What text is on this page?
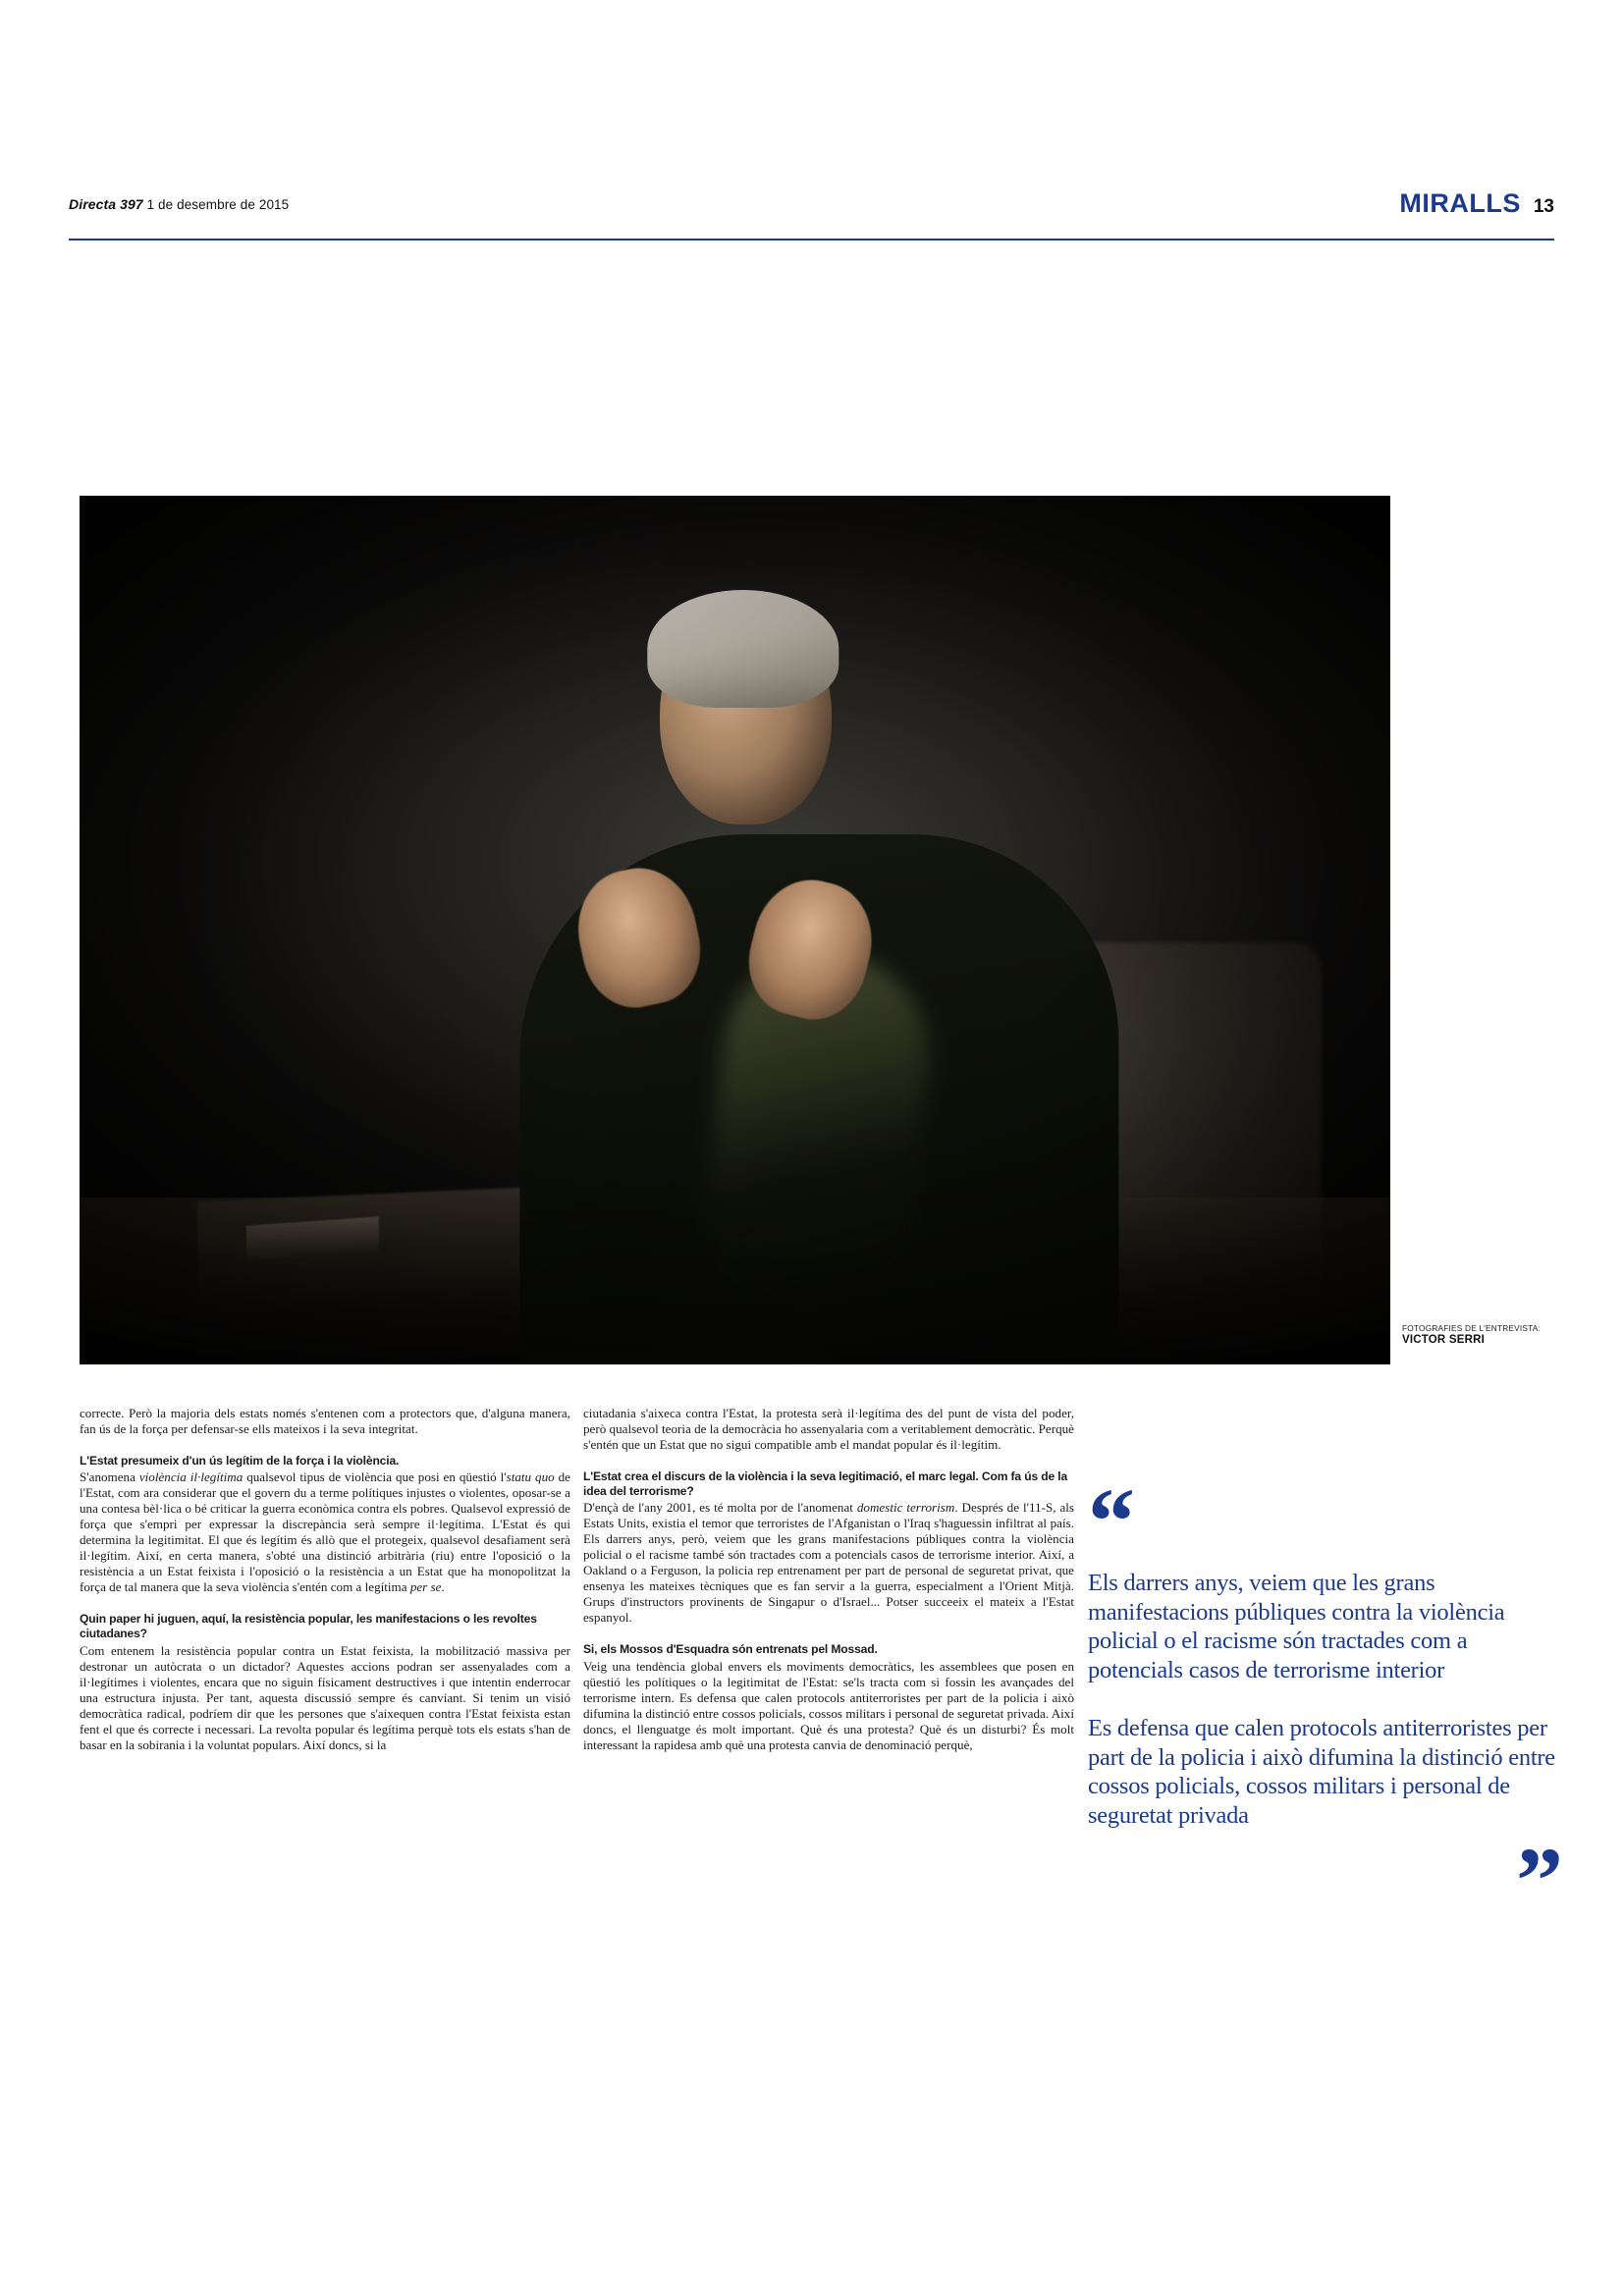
Directa 397 1 de desembre de 2015	MIRALLS 13
FOTOGRAFIES DE L'ENTREVISTA:
VICTOR SERRI

correcte. Però la majoria dels estats només s'entenen com a protectors que, d'alguna manera, fan ús de la força per defensar-se ells mateixos i la seva integritat.

L'Estat presumeix d'un ús legítim de la força i la violència.

S'anomena violència il·legítima qualsevol tipus de violència que posi en qüestió l'statu quo de l'Estat, com ara considerar que el govern du a terme polítiques injustes o violentes, oposar-se a una contesa bèl·lica o bé criticar la guerra econòmica contra els pobres. Qualsevol expressió de força que s'empri per expressar la discrepància serà sempre il·legítima. L'Estat és qui determina la legitimitat. El que és legítim és allò que el protegeix, qualsevol desafiament serà il·legítim. Així, en certa manera, s'obté una distinció arbitrària (riu) entre l'oposició o la resistència a un Estat feixista i l'oposició o la resistència a un Estat que ha monopolitzat la força de tal manera que la seva violència s'entén com a legítima per se.

Quin paper hi juguen, aquí, la resistència popular, les manifestacions o les revoltes ciutadanes?

Com entenem la resistència popular contra un Estat feixista, la mobilització massiva per destronar un autòcrata o un dictador? Aquestes accions podran ser assenyalades com a il·legítimes i violentes, encara que no siguin físicament destructives i que intentin enderrocar una estructura injusta. Per tant, aquesta discussió sempre és canviant. Si tenim un visió democràtica radical, podríem dir que les persones que s'aixequen contra l'Estat feixista estan fent el que és correcte i necessari. La revolta popular és legítima perquè tots els estats s'han de basar en la sobirania i la voluntat populars. Així doncs, si la

ciutadania s'aixeca contra l'Estat, la protesta serà il·legítima des del punt de vista del poder, però qualsevol teoria de la democràcia ho assenyalaria com a veritablement democràtic. Perquè s'entén que un Estat que no sigui compatible amb el mandat popular és il·legítim.

L'Estat crea el discurs de la violència i la seva legitimació, el marc legal. Com fa ús de la idea del terrorisme?

D'ençà de l'any 2001, es té molta por de l'anomenat domestic terrorism. Després de l'11-S, als Estats Units, existia el temor que terroristes de l'Afganistan o l'Iraq s'haguessin infiltrat al país. Els darrers anys, però, veiem que les grans manifestacions públiques contra la violència policial o el racisme també són tractades com a potencials casos de terrorisme interior. Així, a Oakland o a Ferguson, la policia rep entrenament per part de personal de seguretat privat, que ensenya les mateixes tècniques que es fan servir a la guerra, especialment a l'Orient Mitjà. Grups d'instructors provinents de Singapur o d'Israel... Potser succeeix el mateix a l'Estat espanyol.

Si, els Mossos d'Esquadra són entrenats pel Mossad.

Veig una tendència global envers els moviments democràtics, les assemblees que posen en qüestió les polítiques o la legitimitat de l'Estat: se'ls tracta com si fossin les avançades del terrorisme intern. Es defensa que calen protocols antiterroristes per part de la policia i això difumina la distinció entre cossos policials, cossos militars i personal de seguretat privada. Així doncs, el llenguatge és molt important. Què és una protesta? Què és un disturbi? És molt interessant la rapidesa amb què una protesta canvia de denominació perquè,

“
Els darrers anys, veiem que les grans manifestacions públiques contra la violència policial o el racisme són tractades com a potencials casos de terrorisme interior
Es defensa que calen protocols antiterroristes per part de la policia i això difumina la distinció entre cossos policials, cossos militars i personal de seguretat privada
”
